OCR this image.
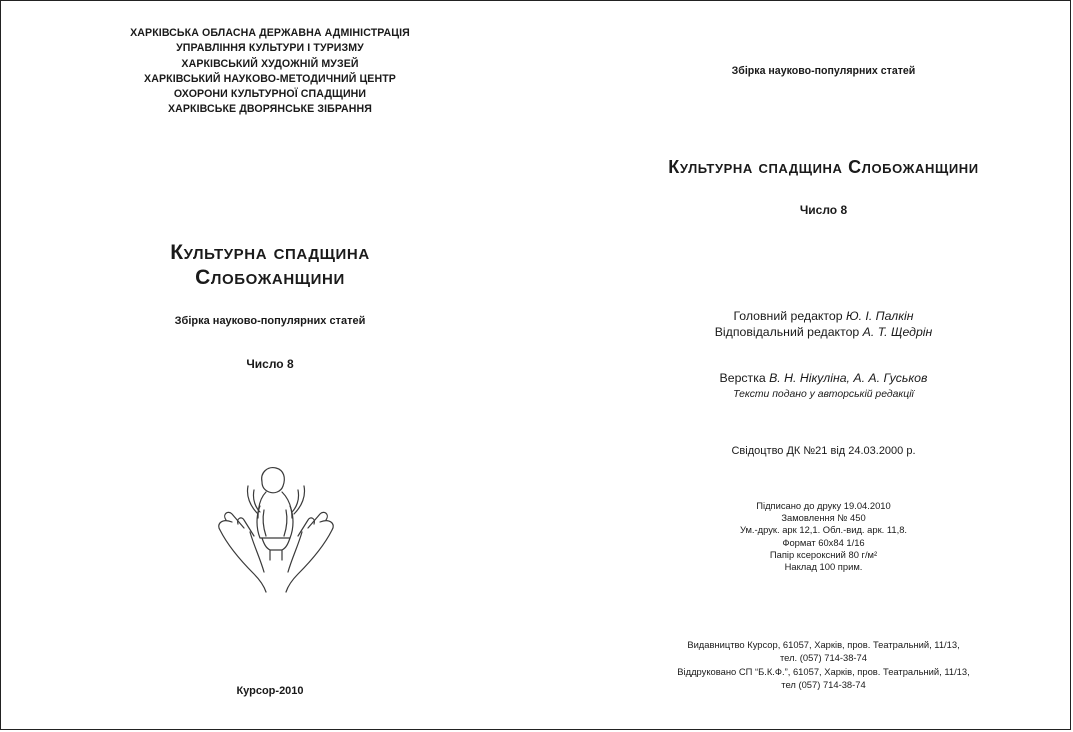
ХАРКІВСЬКА ОБЛАСНА ДЕРЖАВНА АДМІНІСТРАЦІЯ
УПРАВЛІННЯ КУЛЬТУРИ І ТУРИЗМУ
ХАРКІВСЬКИЙ ХУДОЖНІЙ МУЗЕЙ
ХАРКІВСЬКИЙ НАУКОВО-МЕТОДИЧНИЙ ЦЕНТР
ОХОРОНИ КУЛЬТУРНОЇ СПАДЩИНИ
ХАРКІВСЬКЕ ДВОРЯНСЬКЕ ЗІБРАННЯ
Культурна спадщина
Слобожанщини
Збірка науково-популярних статей
Число 8
Курсор-2010
Збірка науково-популярних статей
Культурна спадщина Слобожанщини
Число 8
Головний редактор Ю. І. Палкін
Відповідальний редактор А. Т. Щедрін
Верстка В. Н. Нікуліна, А. А. Гуськов
Тексти подано у авторській редакції
Свідоцтво ДК №21 від 24.03.2000 р.
Підписано до друку 19.04.2010
Замовлення № 450
Ум.-друк. арк 12,1. Обл.-вид. арк. 11,8.
Формат 60х84 1/16
Папір ксероксний 80 г/м²
Наклад 100 прим.
Видавництво Курсор, 61057, Харків, пров. Театральний, 11/13,
тел. (057) 714-38-74
Віддруковано СП “Б.К.Ф.”, 61057, Харків, пров. Театральний, 11/13,
тел (057) 714-38-74
